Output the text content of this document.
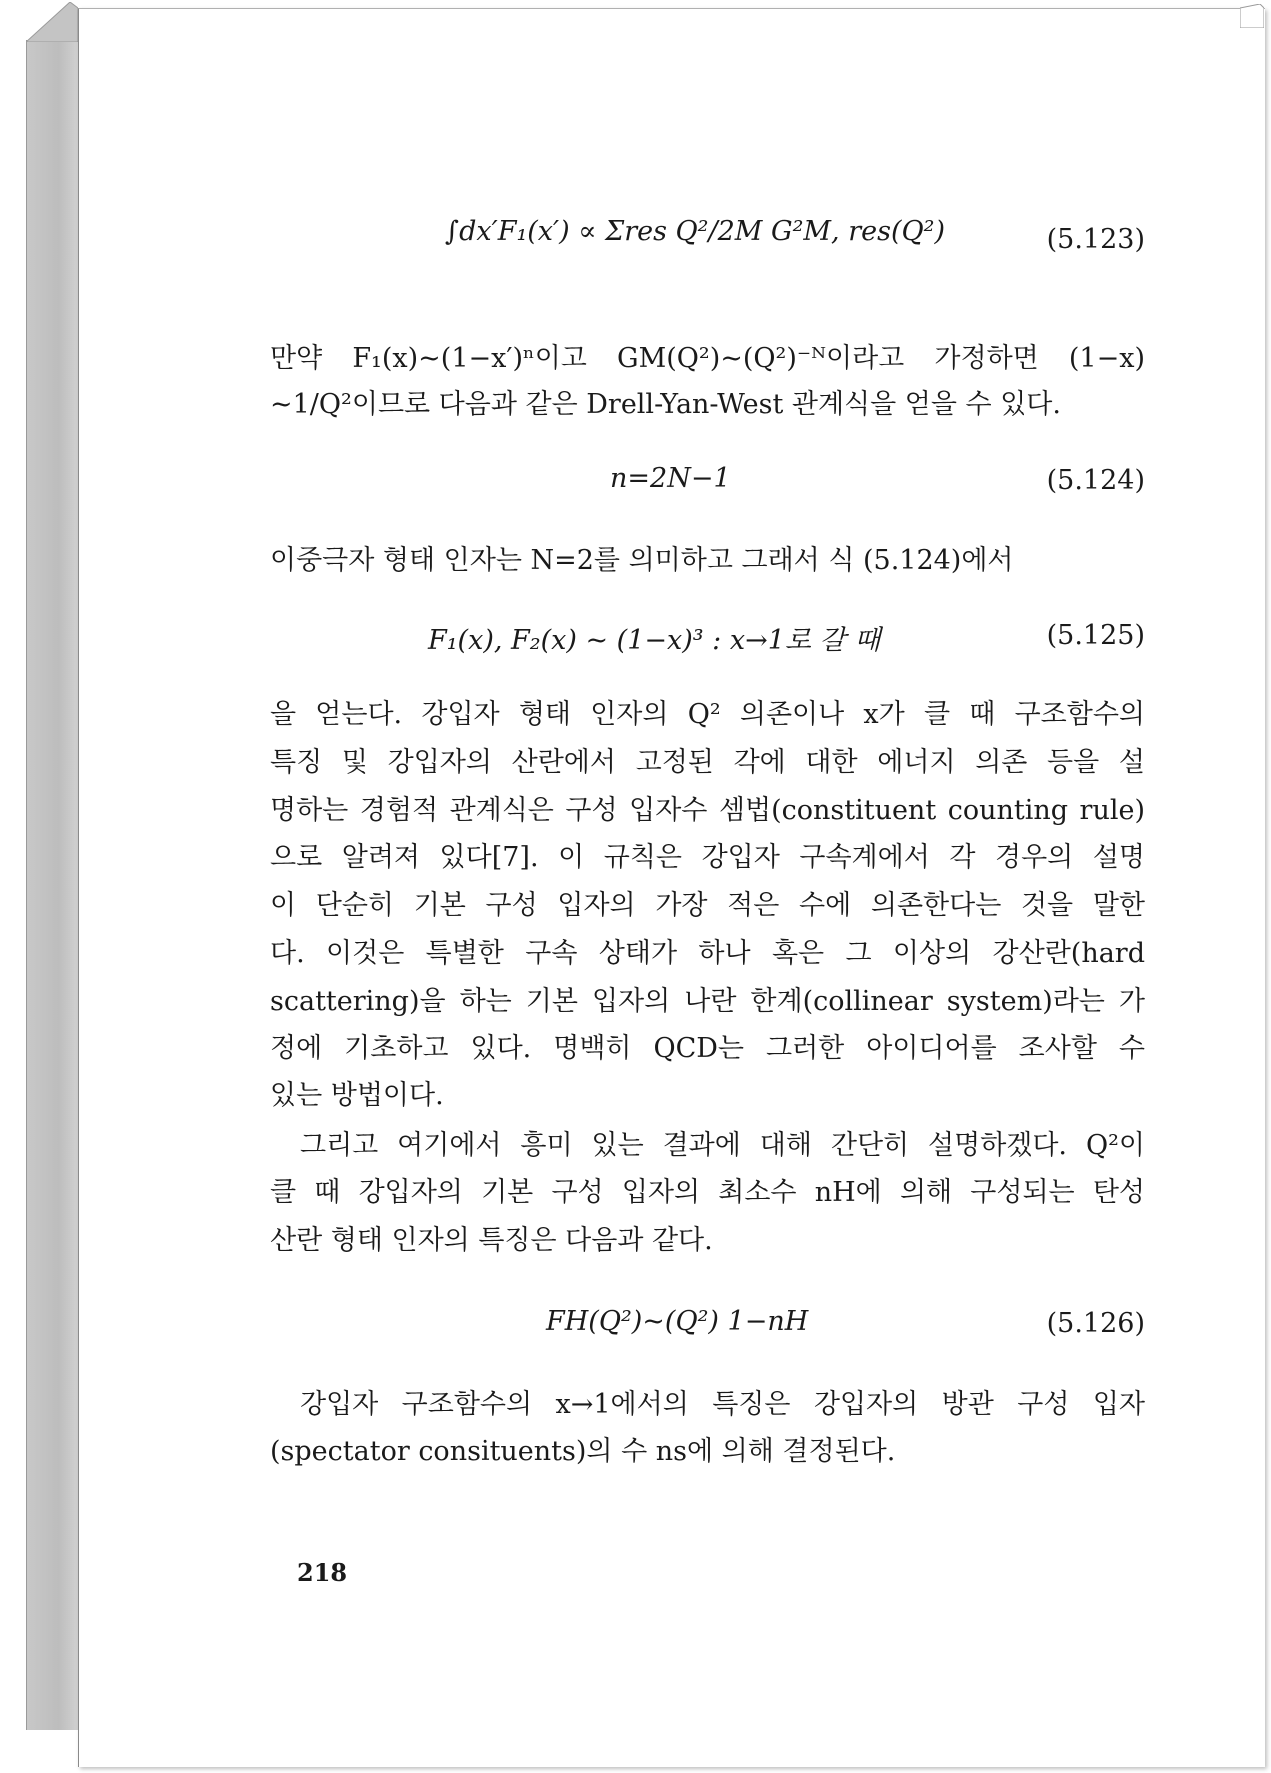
∫dx′F₁(x′) ∝ Σres Q²/2M G²M, res(Q²)	(5.123)
만약 F₁(x)~(1−x′)ⁿ이고 GM(Q²)~(Q²)⁻ᴺ이라고 가정하면 (1−x)
~1/Q²이므로 다음과 같은 Drell-Yan-West 관계식을 얻을 수 있다.
n=2N−1	(5.124)
이중극자 형태 인자는 N=2를 의미하고 그래서 식 (5.124)에서
F₁(x), F₂(x) ~ (1−x)³ : x→1로 갈 때	(5.125)
을 얻는다. 강입자 형태 인자의 Q² 의존이나 x가 클 때 구조함수의
특징 및 강입자의 산란에서 고정된 각에 대한 에너지 의존 등을 설
명하는 경험적 관계식은 구성 입자수 셈법(constituent counting rule)
으로 알려져 있다[7]. 이 규칙은 강입자 구속계에서 각 경우의 설명
이 단순히 기본 구성 입자의 가장 적은 수에 의존한다는 것을 말한
다. 이것은 특별한 구속 상태가 하나 혹은 그 이상의 강산란(hard
scattering)을 하는 기본 입자의 나란 한계(collinear system)라는 가
정에 기초하고 있다. 명백히 QCD는 그러한 아이디어를 조사할 수
있는 방법이다.
그리고 여기에서 흥미 있는 결과에 대해 간단히 설명하겠다. Q²이
클 때 강입자의 기본 구성 입자의 최소수 nH에 의해 구성되는 탄성
산란 형태 인자의 특징은 다음과 같다.
FH(Q²)~(Q²) 1−nH	(5.126)
강입자 구조함수의 x→1에서의 특징은 강입자의 방관 구성 입자
(spectator consituents)의 수 ns에 의해 결정된다.
218
